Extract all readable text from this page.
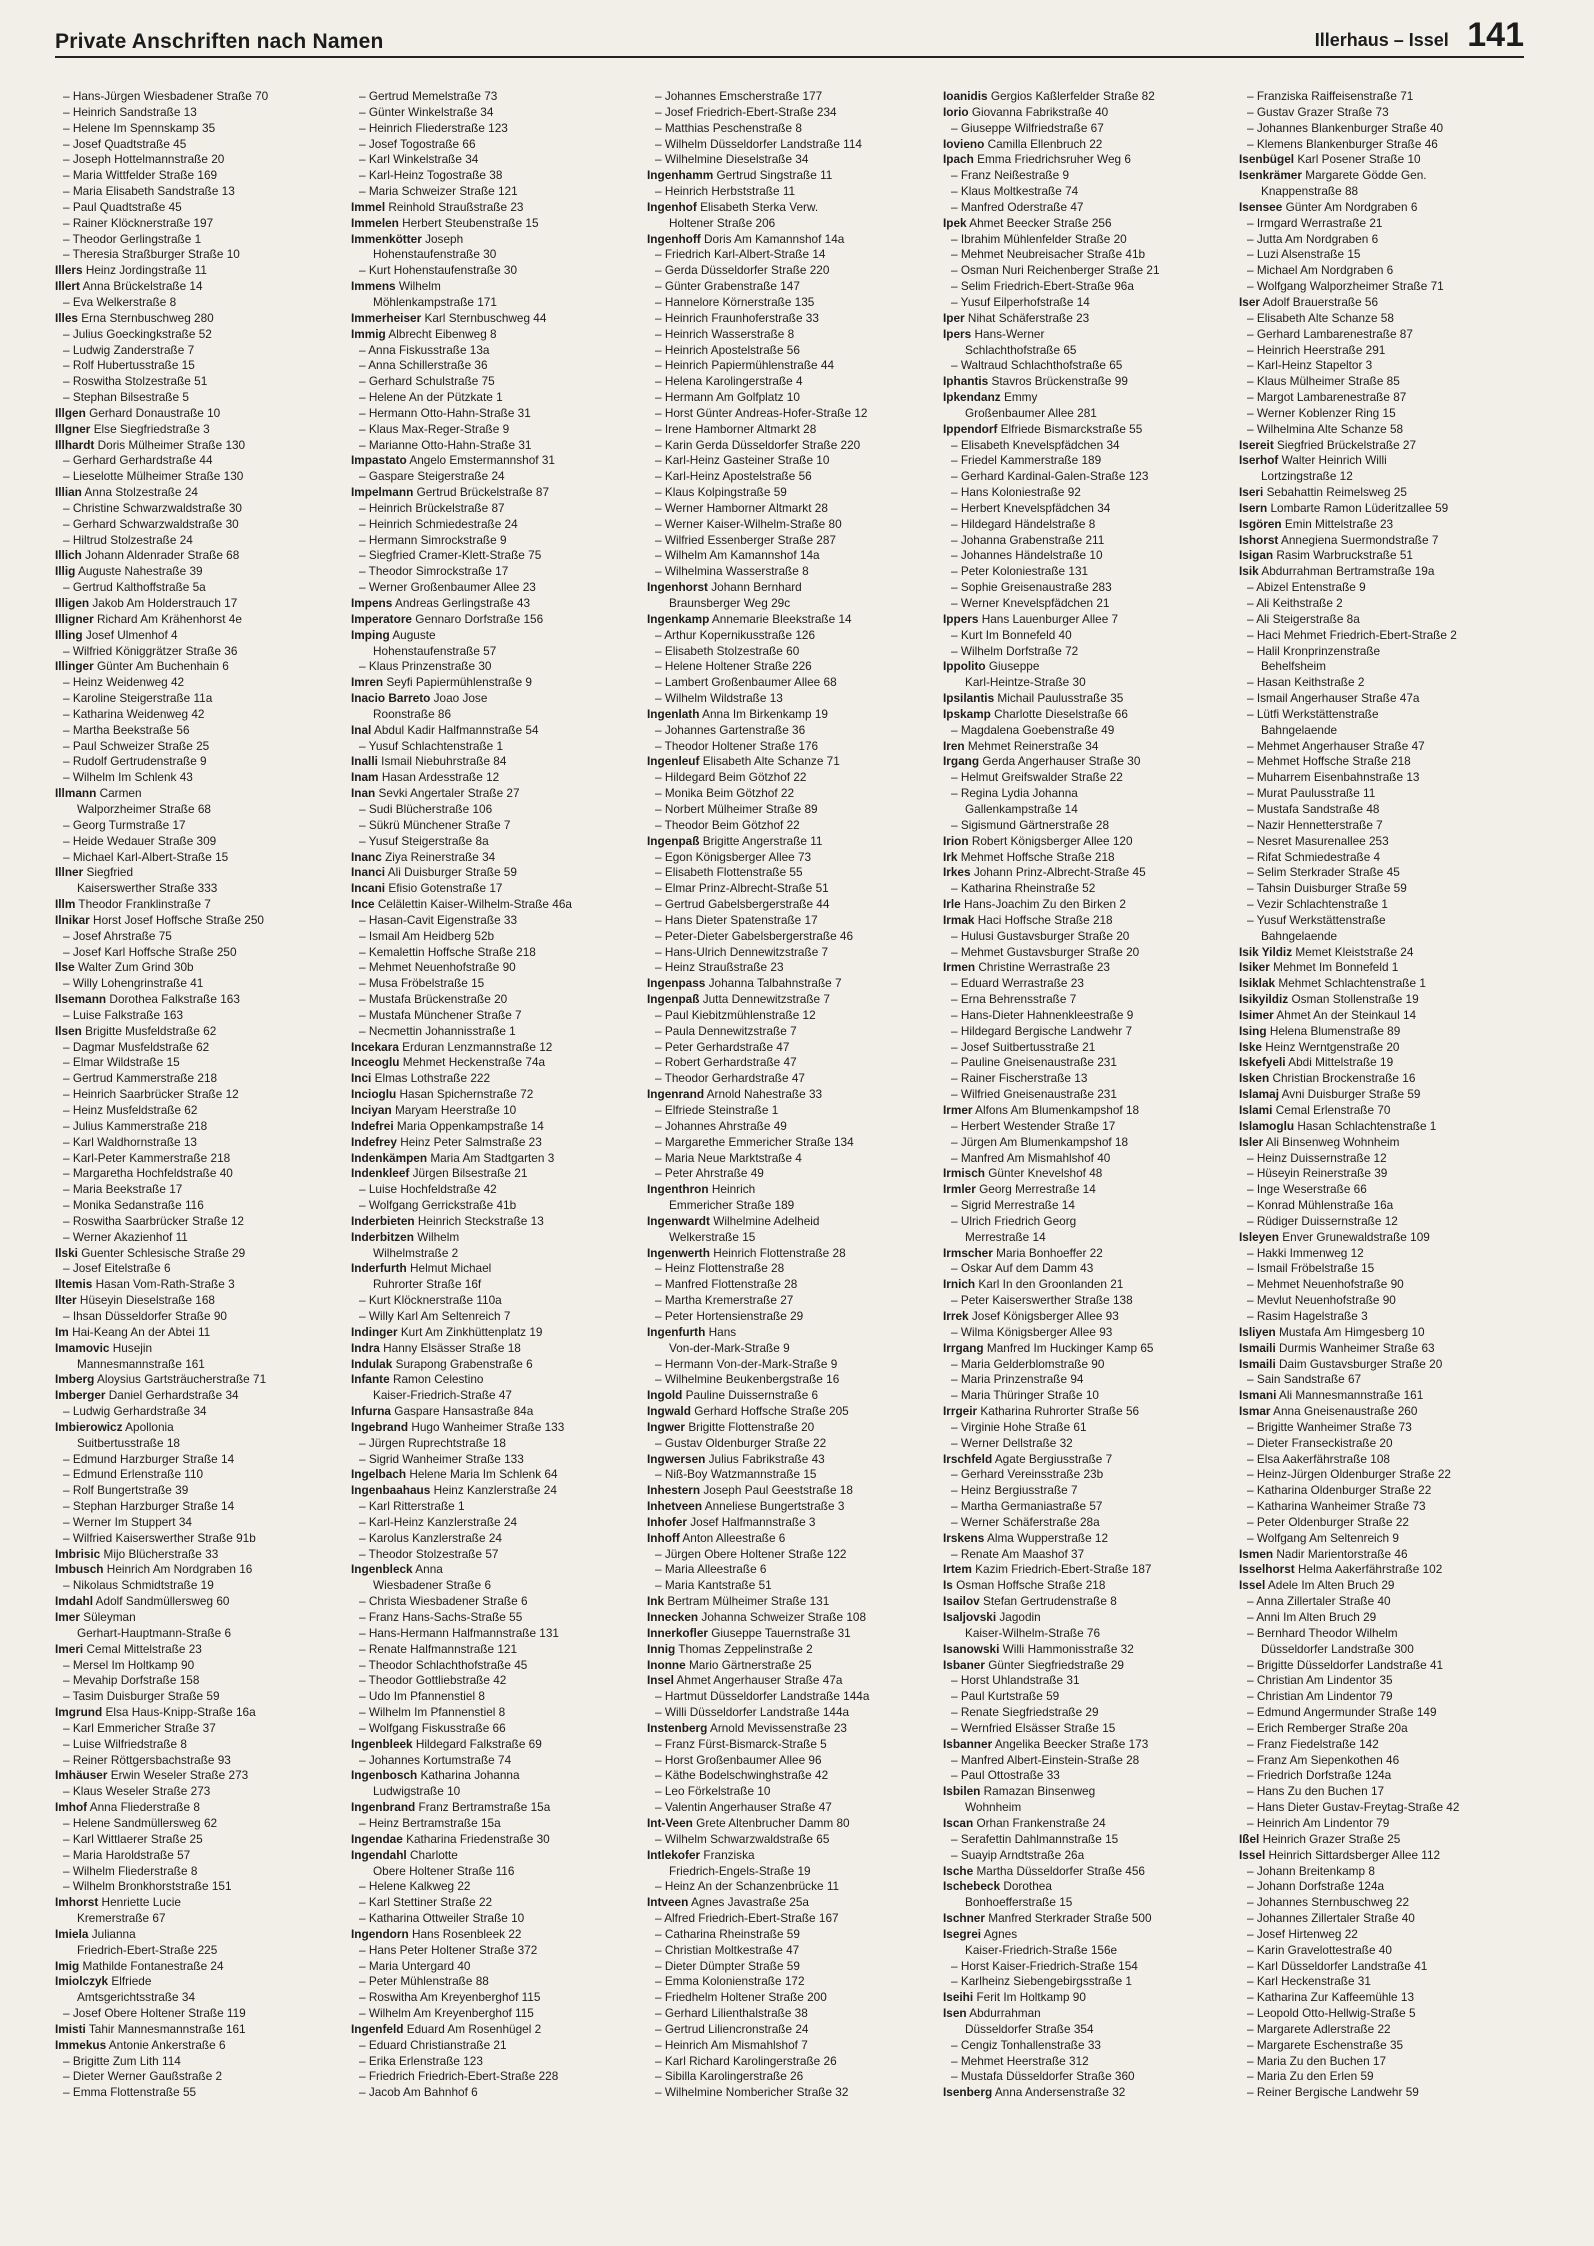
Private Anschriften nach Namen	Illerhaus – Issel 141
– Hans-Jürgen Wiesbadener Straße 70
– Heinrich Sandstraße 13
– Helene Im Spennskamp 35
– Josef Quadtstraße 45
– Joseph Hottelmannstraße 20
– Maria Wittfelder Straße 169
– Maria Elisabeth Sandstraße 13
– Paul Quadtstraße 45
– Rainer Klöcknerstraße 197
– Theodor Gerlingstraße 1
– Theresia Straßburger Straße 10
Illers Heinz Jordingstraße 11
Illert Anna Brückelstraße 14
– Eva Welkerstraße 8
Illes Erna Sternbuschweg 280
– Julius Goeckingkstraße 52
– Ludwig Zanderstraße 7
– Rolf Hubertusstraße 15
– Roswitha Stolzestraße 51
– Stephan Bilsestraße 5
Illgen Gerhard Donaustraße 10
Illgner Else Siegfriedstraße 3
Illhardt Doris Mülheimer Straße 130
– Gerhard Gerhardstraße 44
– Lieselotte Mülheimer Straße 130
Illian Anna Stolzestraße 24
– Christine Schwarzwaldstraße 30
– Gerhard Schwarzwaldstraße 30
– Hiltrud Stolzestraße 24
Illich Johann Aldenrader Straße 68
Illig Auguste Nahestraße 39
– Gertrud Kalthoffstraße 5a
Illigen Jakob Am Holderstrauch 17
Illigner Richard Am Krähenhorst 4e
Illing Josef Ulmenhof 4
– Wilfried Königgrätzer Straße 36
Illinger Günter Am Buchenhain 6
– Heinz Weidenweg 42
– Karoline Steigerstraße 11a
– Katharina Weidenweg 42
– Martha Beekstraße 56
– Paul Schweizer Straße 25
– Rudolf Gertrudenstraße 9
– Wilhelm Im Schlenk 43
Illmann Carmen
Walporzheimer Straße 68
– Georg Turmstraße 17
– Heide Wedauer Straße 309
– Michael Karl-Albert-Straße 15
Illner Siegfried
Kaiserswerther Straße 333
Illm Theodor Franklinstraße 7
Ilnikar Horst Josef Hoffsche Straße 250
– Josef Ahrstraße 75
– Josef Karl Hoffsche Straße 250
Ilse Walter Zum Grind 30b
– Willy Lohengrinstraße 41
Ilsemann Dorothea Falkstraße 163
– Luise Falkstraße 163
Ilsen Brigitte Musfeldstraße 62
– Dagmar Musfeldstraße 62
– Elmar Wildstraße 15
– Gertrud Kammerstraße 218
– Heinrich Saarbrücker Straße 12
– Heinz Musfeldstraße 62
– Julius Kammerstraße 218
– Karl Waldhornstraße 13
– Karl-Peter Kammerstraße 218
– Margaretha Hochfeldstraße 40
– Maria Beekstraße 17
– Monika Sedanstraße 116
– Roswitha Saarbrücker Straße 12
– Werner Akazienhof 11
Ilski Guenter Schlesische Straße 29
– Josef Eitelstraße 6
Iltemis Hasan Vom-Rath-Straße 3
Ilter Hüseyin Dieselstraße 168
– Ihsan Düsseldorfer Straße 90
Im Hai-Keang An der Abtei 11
Imamovic Husejin
Mannesmannstraße 161
Imberg Aloysius Gartsträucherstraße 71
Imberger Daniel Gerhardstraße 34
– Ludwig Gerhardstraße 34
Imbierowicz Apollonia
Suitbertusstraße 18
– Edmund Harzburger Straße 14
– Edmund Erlenstraße 110
– Rolf Bungertstraße 39
– Stephan Harzburger Straße 14
– Werner Im Stuppert 34
– Wilfried Kaiserswerther Straße 91b
Imbrisic Mijo Blücherstraße 33
Imbusch Heinrich Am Nordgraben 16
– Nikolaus Schmidtstraße 19
Imdahl Adolf Sandmüllersweg 60
Imer Süleyman
Gerhart-Hauptmann-Straße 6
Imeri Cemal Mittelstraße 23
– Mersel Im Holtkamp 90
– Mevahip Dorfstraße 158
– Tasim Duisburger Straße 59
Imgrund Elsa Haus-Knipp-Straße 16a
– Karl Emmericher Straße 37
– Luise Wilfriedstraße 8
– Reiner Röttgersbachstraße 93
Imhäuser Erwin Weseler Straße 273
– Klaus Weseler Straße 273
Imhof Anna Fliederstraße 8
– Helene Sandmüllersweg 62
– Karl Wittlaerer Straße 25
– Maria Haroldstraße 57
– Wilhelm Fliederstraße 8
– Wilhelm Bronkhorststraße 151
Imhorst Henriette Lucie
Kremerstraße 67
Imiela Julianna
Friedrich-Ebert-Straße 225
Imig Mathilde Fontanestraße 24
Imiolczyk Elfriede
Amtsgerichtsstraße 34
– Josef Obere Holtener Straße 119
Imisti Tahir Mannesmannstraße 161
Immekus Antonie Ankerstraße 6
– Brigitte Zum Lith 114
– Dieter Werner Gaußstraße 2
– Emma Flottenstraße 55
– Gertrud Memelstraße 73
– Günter Winkelstraße 34
– Heinrich Fliederstraße 123
– Josef Togostraße 66
– Karl Winkelstraße 34
– Karl-Heinz Togostraße 38
– Maria Schweizer Straße 121
Immel Reinhold Straußstraße 23
Immelen Herbert Steubenstraße 15
Immenkötter Joseph
Hohenstaufenstraße 30
– Kurt Hohenstaufenstraße 30
Immens Wilhelm
Möhlenkampstraße 171
Immerheiser Karl Sternbuschweg 44
Immig Albrecht Eibenweg 8
– Anna Fiskusstraße 13a
– Anna Schillerstraße 36
– Gerhard Schulstraße 75
– Helene An der Pützkate 1
– Hermann Otto-Hahn-Straße 31
– Klaus Max-Reger-Straße 9
– Marianne Otto-Hahn-Straße 31
Impastato Angelo Emstermannshof 31
– Gaspare Steigerstraße 24
Impelmann Gertrud Brückelstraße 87
– Heinrich Brückelstraße 87
– Heinrich Schmiedestraße 24
– Hermann Simrockstraße 9
– Siegfried Cramer-Klett-Straße 75
– Theodor Simrockstraße 17
– Werner Großenbaumer Allee 23
Impens Andreas Gerlingstraße 43
Imperatore Gennaro Dorfstraße 156
Imping Auguste
Hohenstaufenstraße 57
– Klaus Prinzenstraße 30
Imren Seyfi Papiermühlenstraße 9
Inacio Barreto Joao Jose
Roonstraße 86
Inal Abdul Kadir Halfmannstraße 54
– Yusuf Schlachtenstraße 1
Inalli Ismail Niebuhrstraße 84
Inam Hasan Ardesstraße 12
Inan Sevki Angertaler Straße 27
– Sudi Blücherstraße 106
– Sükrü Münchener Straße 7
– Yusuf Steigerstraße 8a
Inanc Ziya Reinerstraße 34
Inanci Ali Duisburger Straße 59
Incani Efisio Gotenstraße 17
Ince Celälettin Kaiser-Wilhelm-Straße 46a
– Hasan-Cavit Eigenstraße 33
– Ismail Am Heidberg 52b
– Kemalettin Hoffsche Straße 218
– Mehmet Neuenhofstraße 90
– Musa Fröbelstraße 15
– Mustafa Brückenstraße 20
– Mustafa Münchener Straße 7
– Necmettin Johannisstraße 1
Incekara Erduran Lenzmannstraße 12
Inceoglu Mehmet Heckenstraße 74a
Inci Elmas Lothstraße 222
Incioglu Hasan Spichernstraße 72
Inciyan Maryam Heerstraße 10
Indefrei Maria Oppenkampstraße 14
Indefrey Heinz Peter Salmstraße 23
Indenkämpen Maria Am Stadtgarten 3
Indenkleef Jürgen Bilsestraße 21
– Luise Hochfeldstraße 42
– Wolfgang Gerrickstraße 41b
Inderbieten Heinrich Steckstraße 13
Inderbitzen Wilhelm
Wilhelmstraße 2
Inderfurth Helmut Michael
Ruhrorter Straße 16f
– Kurt Klöcknerstraße 110a
– Willy Karl Am Seltenreich 7
Indinger Kurt Am Zinkhüttenplatz 19
Indra Hanny Elsässer Straße 18
Indulak Surapong Grabenstraße 6
Infante Ramon Celestino
Kaiser-Friedrich-Straße 47
Infurna Gaspare Hansastraße 84a
Ingebrand Hugo Wanheimer Straße 133
– Jürgen Ruprechtstraße 18
– Sigrid Wanheimer Straße 133
Ingelbach Helene Maria Im Schlenk 64
Ingenbaahaus Heinz Kanzlerstraße 24
– Karl Ritterstraße 1
– Karl-Heinz Kanzlerstraße 24
– Karolus Kanzlerstraße 24
– Theodor Stolzestraße 57
Ingenbleck Anna
Wiesbadener Straße 6
– Christa Wiesbadener Straße 6
– Franz Hans-Sachs-Straße 55
– Hans-Hermann Halfmannstraße 131
– Renate Halfmannstraße 121
– Theodor Schlachthofstraße 45
– Theodor Gottliebstraße 42
– Udo Im Pfannenstiel 8
– Wilhelm Im Pfannenstiel 8
– Wolfgang Fiskusstraße 66
Ingenbleek Hildegard Falkstraße 69
– Johannes Kortumstraße 74
Ingenbosch Katharina Johanna
Ludwigstraße 10
Ingenbrand Franz Bertramstraße 15a
– Heinz Bertramstraße 15a
Ingendae Katharina Friedenstraße 30
Ingendahl Charlotte
Obere Holtener Straße 116
– Helene Kalkweg 22
– Karl Stettiner Straße 22
– Katharina Ottweiler Straße 10
Ingendorn Hans Rosenbleek 22
– Hans Peter Holtener Straße 372
– Maria Untergard 40
– Peter Mühlenstraße 88
– Roswitha Am Kreyenberghof 115
– Wilhelm Am Kreyenberghof 115
Ingenfeld Eduard Am Rosenhügel 2
– Eduard Christianstraße 21
– Erika Erlenstraße 123
– Friedrich Friedrich-Ebert-Straße 228
– Jacob Am Bahnhof 6
– Johannes Emscherstraße 177
– Josef Friedrich-Ebert-Straße 234
– Matthias Peschenstraße 8
– Wilhelm Düsseldorfer Landstraße 114
– Wilhelmine Dieselstraße 34
Ingenhamm Gertrud Singstraße 11
– Heinrich Herbststraße 11
Ingenhof Elisabeth Sterka Verw.
Holtener Straße 206
Ingenhoff Doris Am Kamannshof 14a
– Friedrich Karl-Albert-Straße 14
– Gerda Düsseldorfer Straße 220
– Günter Grabenstraße 147
– Hannelore Körnerstraße 135
– Heinrich Fraunhoferstraße 33
– Heinrich Wasserstraße 8
– Heinrich Apostelstraße 56
– Heinrich Papiermühlenstraße 44
– Helena Karolingerstraße 4
– Hermann Am Golfplatz 10
– Horst Günter Andreas-Hofer-Straße 12
– Irene Hamborner Altmarkt 28
– Karin Gerda Düsseldorfer Straße 220
– Karl-Heinz Gasteiner Straße 10
– Karl-Heinz Apostelstraße 56
– Klaus Kolpingstraße 59
– Werner Hamborner Altmarkt 28
– Werner Kaiser-Wilhelm-Straße 80
– Wilfried Essenberger Straße 287
– Wilhelm Am Kamannshof 14a
– Wilhelmina Wasserstraße 8
Ingenhorst Johann Bernhard
Braunsberger Weg 29c
Ingenkamp Annemarie Bleekstraße 14
– Arthur Kopernikusstraße 126
– Elisabeth Stolzestraße 60
– Helene Holtener Straße 226
– Lambert Großenbaumer Allee 68
– Wilhelm Wildstraße 13
Ingenlath Anna Im Birkenkamp 19
– Johannes Gartenstraße 36
– Theodor Holtener Straße 176
Ingenleuf Elisabeth Alte Schanze 71
– Hildegard Beim Götzhof 22
– Monika Beim Götzhof 22
– Norbert Mülheimer Straße 89
– Theodor Beim Götzhof 22
Ingenpaß Brigitte Angerstraße 11
– Egon Königsberger Allee 73
– Elisabeth Flottenstraße 55
– Elmar Prinz-Albrecht-Straße 51
– Gertrud Gabelsbergerstraße 44
– Hans Dieter Spatenstraße 17
– Peter-Dieter Gabelsbergerstraße 46
– Hans-Ulrich Dennewitzstraße 7
– Heinz Straußstraße 23
Ingenpass Johanna Talbahnstraße 7
Ingenpaß Jutta Dennewitzstraße 7
– Paul Kiebitzmühlenstraße 12
– Paula Dennewitzstraße 7
– Peter Gerhardstraße 47
– Robert Gerhardstraße 47
– Theodor Gerhardstraße 47
Ingenrand Arnold Nahestraße 33
– Elfriede Steinstraße 1
– Johannes Ahrstraße 49
– Margarethe Emmericher Straße 134
– Maria Neue Marktstraße 4
– Peter Ahrstraße 49
Ingenthron Heinrich
Emmericher Straße 189
Ingenwardt Wilhelmine Adelheid
Welkerstraße 15
Ingenwerth Heinrich Flottenstraße 28
– Heinz Flottenstraße 28
– Manfred Flottenstraße 28
– Martha Kremerstraße 27
– Peter Hortensienstraße 29
Ingenfurth Hans
Von-der-Mark-Straße 9
– Hermann Von-der-Mark-Straße 9
– Wilhelmine Beukenbergstraße 16
Ingold Pauline Duissernstraße 6
Ingwald Gerhard Hoffsche Straße 205
Ingwer Brigitte Flottenstraße 20
– Gustav Oldenburger Straße 22
Ingwersen Julius Fabrikstraße 43
– Niß-Boy Watzmannstraße 15
Inhestern Joseph Paul Geeststraße 18
Inhetveen Anneliese Bungertstraße 3
Inhofer Josef Halfmannstraße 3
Inhoff Anton Alleestraße 6
– Jürgen Obere Holtener Straße 122
– Maria Alleestraße 6
– Maria Kantstraße 51
Ink Bertram Mülheimer Straße 131
Innecken Johanna Schweizer Straße 108
Innerkofler Giuseppe Tauernstraße 31
Innig Thomas Zeppelinstraße 2
Inonne Mario Gärtnerstraße 25
Insel Ahmet Angerhauser Straße 47a
– Hartmut Düsseldorfer Landstraße 144a
– Willi Düsseldorfer Landstraße 144a
Instenberg Arnold Mevissenstraße 23
– Franz Fürst-Bismarck-Straße 5
– Horst Großenbaumer Allee 96
– Käthe Bodelschwinghstraße 42
– Leo Förkelstraße 10
– Valentin Angerhauser Straße 47
Int-Veen Grete Altenbrucher Damm 80
– Wilhelm Schwarzwaldstraße 65
Intlekofer Franziska
Friedrich-Engels-Straße 19
– Heinz An der Schanzenbrücke 11
Intveen Agnes Javastraße 25a
– Alfred Friedrich-Ebert-Straße 167
– Catharina Rheinstraße 59
– Christian Moltkestraße 47
– Dieter Dümpter Straße 59
– Emma Kolonienstraße 172
– Friedhelm Holtener Straße 200
– Gerhard Lilienthalstraße 38
– Gertrud Liliencronstraße 24
– Heinrich Am Mismahlshof 7
– Karl Richard Karolingerstraße 26
– Sibilla Karolingerstraße 26
– Wilhelmine Nombericher Straße 32
Ioanidis Gergios Kaßlerfelder Straße 82
Iorio Giovanna Fabrikstraße 40
– Giuseppe Wilfriedstraße 67
Iovieno Camilla Ellenbruch 22
Ipach Emma Friedrichsruher Weg 6
– Franz Neißestraße 9
– Klaus Moltkestraße 74
– Manfred Oderstraße 47
Ipek Ahmet Beecker Straße 256
– Ibrahim Mühlenfelder Straße 20
– Mehmet Neubreisacher Straße 41b
– Osman Nuri Reichenberger Straße 21
– Selim Friedrich-Ebert-Straße 96a
– Yusuf Eilperhofstraße 14
Iper Nihat Schäferstraße 23
Ipers Hans-Werner
Schlachthofstraße 65
– Waltraud Schlachthofstraße 65
Iphantis Stavros Brückenstraße 99
Ipkendanz Emmy
Großenbaumer Allee 281
Ippendorf Elfriede Bismarckstraße 55
– Elisabeth Knevelspfädchen 34
– Friedel Kammerstraße 189
– Gerhard Kardinal-Galen-Straße 123
– Hans Koloniestraße 92
– Herbert Knevelspfädchen 34
– Hildegard Händelstraße 8
– Johanna Grabenstraße 211
– Johannes Händelstraße 10
– Peter Koloniestraße 131
– Sophie Greisenaustraße 283
– Werner Knevelspfädchen 21
Ippers Hans Lauenburger Allee 7
– Kurt Im Bonnefeld 40
– Wilhelm Dorfstraße 72
Ippolito Giuseppe
Karl-Heintze-Straße 30
Ipsilantis Michail Paulusstraße 35
Ipskamp Charlotte Dieselstraße 66
– Magdalena Goebenstraße 49
Iren Mehmet Reinerstraße 34
Irgang Gerda Angerhauser Straße 30
– Helmut Greifswalder Straße 22
– Regina Lydia Johanna
Gallenkampstraße 14
– Sigismund Gärtnerstraße 28
Irion Robert Königsberger Allee 120
Irk Mehmet Hoffsche Straße 218
Irkes Johann Prinz-Albrecht-Straße 45
– Katharina Rheinstraße 52
Irle Hans-Joachim Zu den Birken 2
Irmak Haci Hoffsche Straße 218
– Hulusi Gustavsburger Straße 20
– Mehmet Gustavsburger Straße 20
Irmen Christine Werrastraße 23
– Eduard Werrastraße 23
– Erna Behrensstraße 7
– Hans-Dieter Hahnenkleestraße 9
– Hildegard Bergische Landwehr 7
– Josef Suitbertusstraße 21
– Pauline Gneisenaustraße 231
– Rainer Fischerstraße 13
– Wilfried Gneisenaustraße 231
Irmer Alfons Am Blumenkampshof 18
– Herbert Westender Straße 17
– Jürgen Am Blumenkampshof 18
– Manfred Am Mismahlshof 40
Irmisch Günter Knevelshof 48
Irmler Georg Merrestraße 14
– Sigrid Merrestraße 14
– Ulrich Friedrich Georg
Merrestraße 14
Irmscher Maria Bonhoeffer 22
– Oskar Auf dem Damm 43
Irnich Karl In den Groonlanden 21
– Peter Kaiserswerther Straße 138
Irrek Josef Königsberger Allee 93
– Wilma Königsberger Allee 93
Irrgang Manfred Im Huckinger Kamp 65
– Maria Gelderblomstraße 90
– Maria Prinzenstraße 94
– Maria Thüringer Straße 10
Irrgeir Katharina Ruhrorter Straße 56
– Virginie Hohe Straße 61
– Werner Dellstraße 32
Irschfeld Agate Bergiusstraße 7
– Gerhard Vereinsstraße 23b
– Heinz Bergiusstraße 7
– Martha Germaniastraße 57
– Werner Schäferstraße 28a
Irskens Alma Wupperstraße 12
– Renate Am Maashof 37
Irtem Kazim Friedrich-Ebert-Straße 187
Is Osman Hoffsche Straße 218
Isailov Stefan Gertrudenstraße 8
Isaljovski Jagodin
Kaiser-Wilhelm-Straße 76
Isanowski Willi Hammonisstraße 32
Isbaner Günter Siegfriedstraße 29
– Horst Uhlandstraße 31
– Paul Kurtstraße 59
– Renate Siegfriedstraße 29
– Wernfried Elsässer Straße 15
Isbanner Angelika Beecker Straße 173
– Manfred Albert-Einstein-Straße 28
– Paul Ottostraße 33
Isbilen Ramazan Binsenweg
Wohnheim
Iscan Orhan Frankenstraße 24
– Serafettin Dahlmannstraße 15
– Suayip Arndtstraße 26a
Ische Martha Düsseldorfer Straße 456
Ischebeck Dorothea
Bonhoefferstraße 15
Ischner Manfred Sterkrader Straße 500
Isegrei Agnes
Kaiser-Friedrich-Straße 156e
– Horst Kaiser-Friedrich-Straße 154
– Karlheinz Siebengebirgsstraße 1
Iseihi Ferit Im Holtkamp 90
Isen Abdurrahman
Düsseldorfer Straße 354
– Cengiz Tonhallenstraße 33
– Mehmet Heerstraße 312
– Mustafa Düsseldorfer Straße 360
Isenberg Anna Andersenstraße 32
– Franziska Raiffeisenstraße 71
– Gustav Grazer Straße 73
– Johannes Blankenburger Straße 40
– Klemens Blankenburger Straße 46
Isenbügel Karl Posener Straße 10
Isenkrämer Margarete Gödde Gen.
Knappenstraße 88
Isensee Günter Am Nordgraben 6
– Irmgard Werrastraße 21
– Jutta Am Nordgraben 6
– Luzi Alsenstraße 15
– Michael Am Nordgraben 6
– Wolfgang Walporzheimer Straße 71
Iser Adolf Brauerstraße 56
– Elisabeth Alte Schanze 58
– Gerhard Lambarenestraße 87
– Heinrich Heerstraße 291
– Karl-Heinz Stapeltor 3
– Klaus Mülheimer Straße 85
– Margot Lambarenestraße 87
– Werner Koblenzer Ring 15
– Wilhelmina Alte Schanze 58
Isereit Siegfried Brückelstraße 27
Iserhof Walter Heinrich Willi
Lortzingstraße 12
Iseri Sebahattin Reimelsweg 25
Isern Lombarte Ramon Lüderitzallee 59
Isgören Emin Mittelstraße 23
Ishorst Annegiena Suermondstraße 7
Isigan Rasim Warbruckstraße 51
Isik Abdurrahman Bertramstraße 19a
– Abizel Entenstraße 9
– Ali Keithstraße 2
– Ali Steigerstraße 8a
– Haci Mehmet Friedrich-Ebert-Straße 2
– Halil Kronprinzenstraße
Behelfsheim
– Hasan Keithstraße 2
– Ismail Angerhauser Straße 47a
– Lütfi Werkstättenstraße
Bahngelaende
– Mehmet Angerhauser Straße 47
– Mehmet Hoffsche Straße 218
– Muharrem Eisenbahnstraße 13
– Murat Paulusstraße 11
– Mustafa Sandstraße 48
– Nazir Hennetterstraße 7
– Nesret Masurenallee 253
– Rifat Schmiedestraße 4
– Selim Sterkrader Straße 45
– Tahsin Duisburger Straße 59
– Vezir Schlachtenstraße 1
– Yusuf Werkstättenstraße
Bahngelaende
Isik Yildiz Memet Kleiststraße 24
Isiker Mehmet Im Bonnefeld 1
Isiklak Mehmet Schlachtenstraße 1
Isikyildiz Osman Stollenstraße 19
Isimer Ahmet An der Steinkaul 14
Ising Helena Blumenstraße 89
Iske Heinz Werntgenstraße 20
Iskefyeli Abdi Mittelstraße 19
Isken Christian Brockenstraße 16
Islamaj Avni Duisburger Straße 59
Islami Cemal Erlenstraße 70
Islamoglu Hasan Schlachtenstraße 1
Isler Ali Binsenweg Wohnheim
– Heinz Duissernstraße 12
– Hüseyin Reinerstraße 39
– Inge Weserstraße 66
– Konrad Mühlenstraße 16a
– Rüdiger Duissernstraße 12
Isleyen Enver Grunewaldstraße 109
– Hakki Immenweg 12
– Ismail Fröbelstraße 15
– Mehmet Neuenhofstraße 90
– Mevlut Neuenhofstraße 90
– Rasim Hagelstraße 3
Isliyen Mustafa Am Himgesberg 10
Ismaili Durmis Wanheimer Straße 63
Ismaili Daim Gustavsburger Straße 20
– Sain Sandstraße 67
Ismani Ali Mannesmannstraße 161
Ismar Anna Gneisenaustraße 260
– Brigitte Wanheimer Straße 73
– Dieter Franseckistraße 20
– Elsa Aakerfährstraße 108
– Heinz-Jürgen Oldenburger Straße 22
– Katharina Oldenburger Straße 22
– Katharina Wanheimer Straße 73
– Peter Oldenburger Straße 22
– Wolfgang Am Seltenreich 9
Ismen Nadir Marientorstraße 46
Isselhorst Helma Aakerfährstraße 102
Issel Adele Im Alten Bruch 29
– Anna Zillertaler Straße 40
– Anni Im Alten Bruch 29
– Bernhard Theodor Wilhelm
Düsseldorfer Landstraße 300
– Brigitte Düsseldorfer Landstraße 41
– Christian Am Lindentor 35
– Christian Am Lindentor 79
– Edmund Angermunder Straße 149
– Erich Remberger Straße 20a
– Franz Fiedelstraße 142
– Franz Am Siepenkothen 46
– Friedrich Dorfstraße 124a
– Hans Zu den Buchen 17
– Hans Dieter Gustav-Freytag-Straße 42
– Heinrich Am Lindentor 79
Ißel Heinrich Grazer Straße 25
Issel Heinrich Sittardsberger Allee 112
– Johann Breitenkamp 8
– Johann Dorfstraße 124a
– Johannes Sternbuschweg 22
– Johannes Zillertaler Straße 40
– Josef Hirtenweg 22
– Karin Gravelottestraße 40
– Karl Düsseldorfer Landstraße 41
– Karl Heckenstraße 31
– Katharina Zur Kaffeemühle 13
– Leopold Otto-Hellwig-Straße 5
– Margarete Adlerstraße 22
– Margarete Eschenstraße 35
– Maria Zu den Buchen 17
– Maria Zu den Erlen 59
– Reiner Bergische Landwehr 59
